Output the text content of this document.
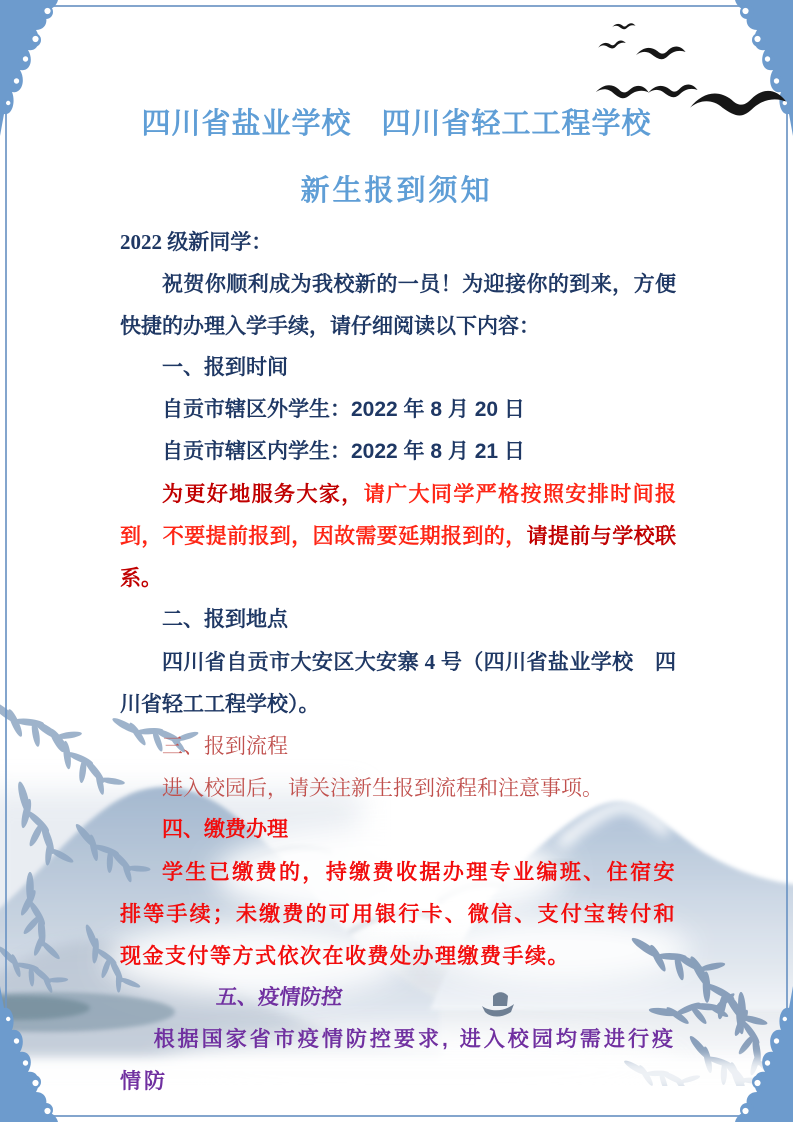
四川省盐业学校　四川省轻工工程学校
新生报到须知

2022 级新同学：

祝贺你顺利成为我校新的一员！为迎接你的到来，方便快捷的办理入学手续，请仔细阅读以下内容：

一、报到时间

自贡市辖区外学生：2022 年 8 月 20 日

自贡市辖区内学生：2022 年 8 月 21 日

为更好地服务大家，请广大同学严格按照安排时间报到，不要提前报到，因故需要延期报到的，请提前与学校联系。

二、报到地点

四川省自贡市大安区大安寨 4 号（四川省盐业学校　四川省轻工工程学校）。

三、报到流程

进入校园后，请关注新生报到流程和注意事项。

四、缴费办理

学生已缴费的，持缴费收据办理专业编班、住宿安排等手续；未缴费的可用银行卡、微信、支付宝转付和现金支付等方式依次在收费处办理缴费手续。

五、疫情防控

根据国家省市疫情防控要求, 进入校园均需进行疫情防
